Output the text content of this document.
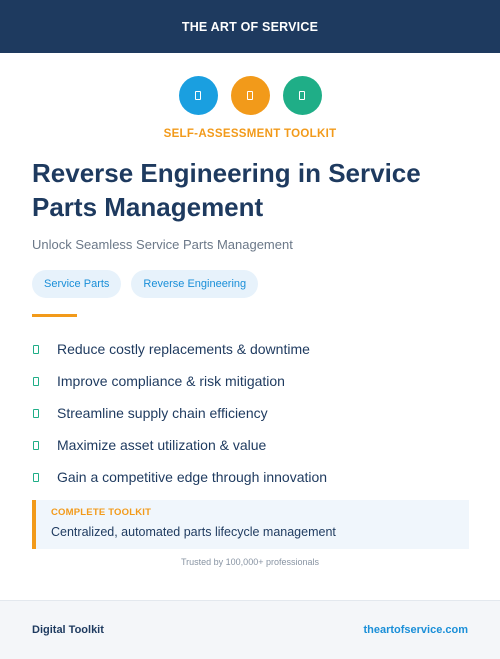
THE ART OF SERVICE
SELF-ASSESSMENT TOOLKIT
Reverse Engineering in Service Parts Management
Unlock Seamless Service Parts Management
Service Parts	Reverse Engineering
Reduce costly replacements & downtime
Improve compliance & risk mitigation
Streamline supply chain efficiency
Maximize asset utilization & value
Gain a competitive edge through innovation
COMPLETE TOOLKIT
Centralized, automated parts lifecycle management
Trusted by 100,000+ professionals
Digital Toolkit	theartofservice.com
